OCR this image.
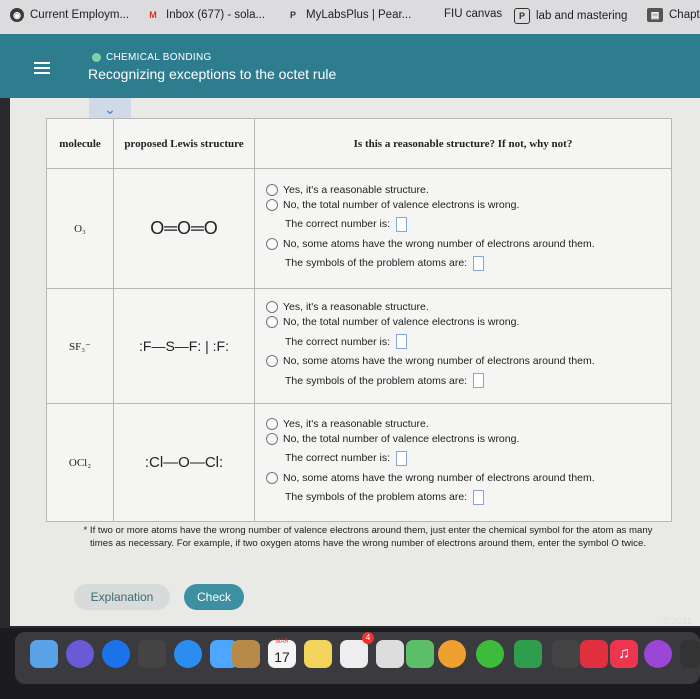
◉ Current Employm...	M Inbox (677) - sola...	P MyLabsPlus | Pear...	FIU canvas	P lab and mastering	▤ Chapt
CHEMICAL BONDING
Recognizing exceptions to the octet rule
⌄
molecule	proposed Lewis structure	Is this a reasonable structure? If not, why not?
O₃	O═O═O	Yes, it's a reasonable structure.
No, the total number of valence electrons is wrong.
The correct number is:
No, some atoms have the wrong number of electrons around them.
The symbols of the problem atoms are:

SF₃⁻	:F—S—F: | :F:	Yes, it's a reasonable structure.
No, the total number of valence electrons is wrong.
The correct number is:
No, some atoms have the wrong number of electrons around them.
The symbols of the problem atoms are:

OCl₂	:Cl—O—Cl:	Yes, it's a reasonable structure.
No, the total number of valence electrons is wrong.
The correct number is:
No, some atoms have the wrong number of electrons around them.
The symbols of the problem atoms are:
* If two or more atoms have the wrong number of valence electrons around them, just enter the chemical symbol for the atom as many times as necessary. For example, if two oxygen atoms have the wrong number of electrons around them, enter the symbol O twice.
Explanation	Check
© 2021
MAR
17
4
♫
